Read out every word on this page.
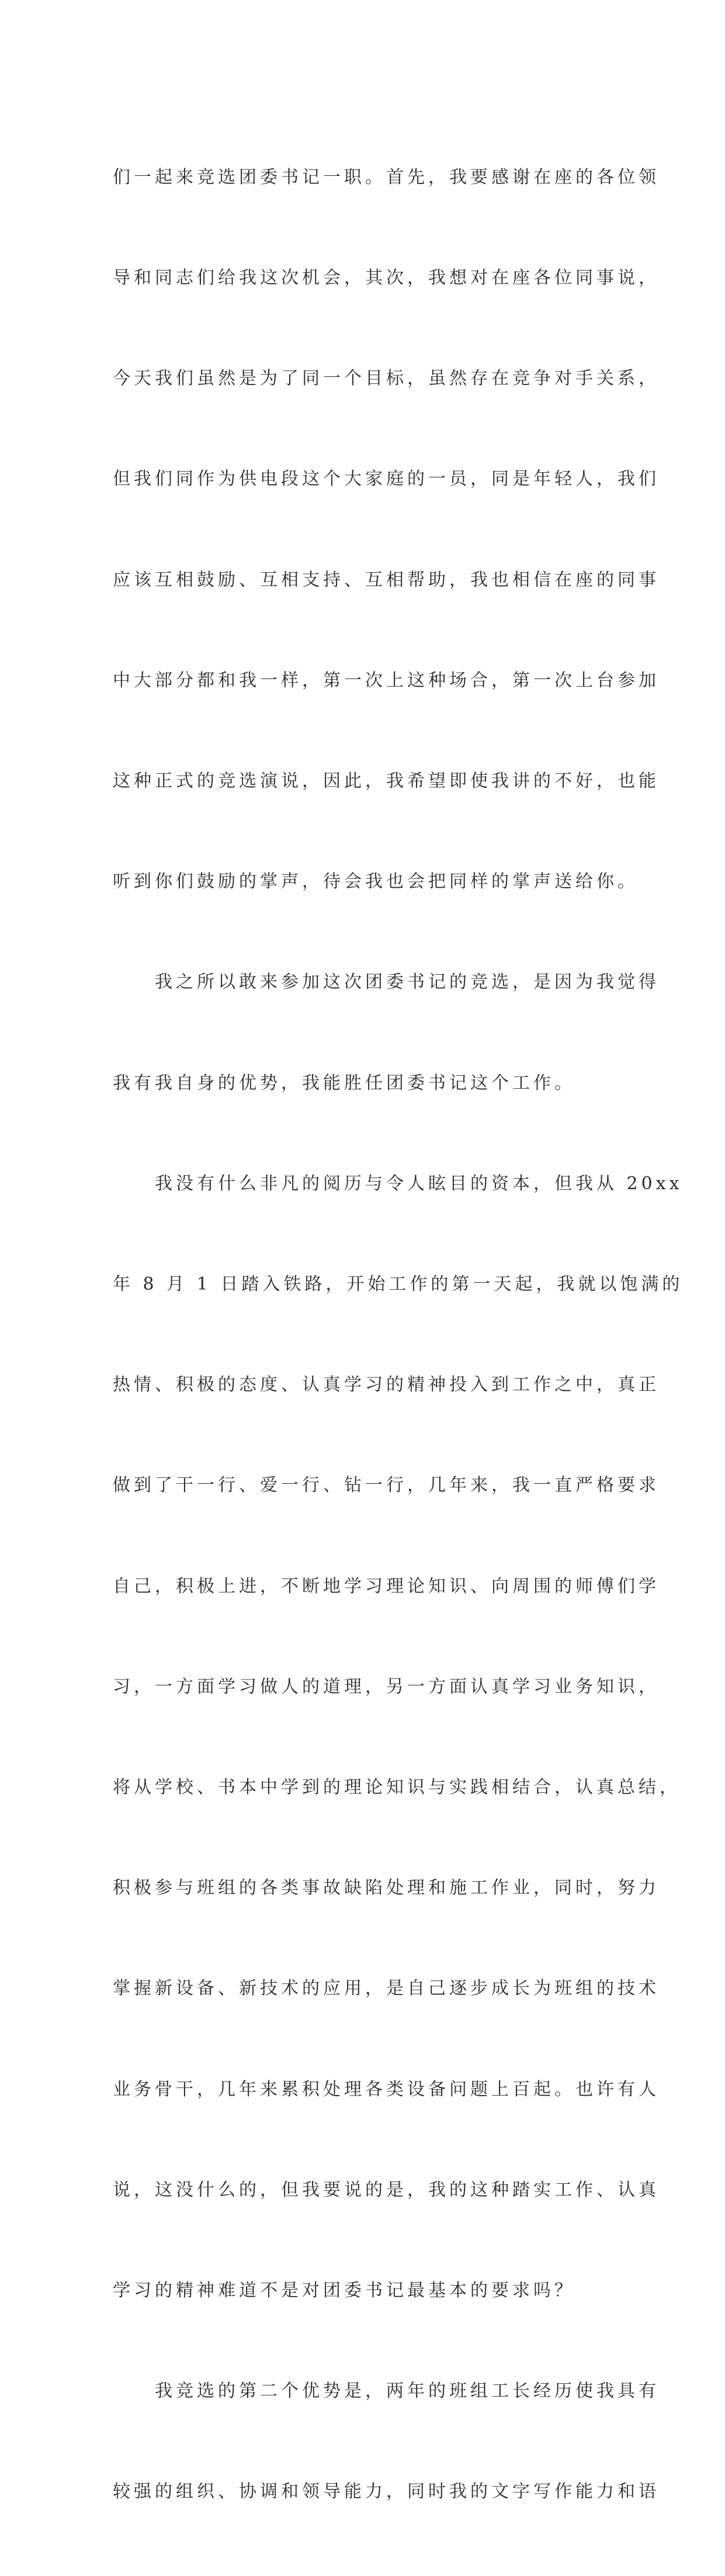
们一起来竞选团委书记一职。首先，我要感谢在座的各位领

导和同志们给我这次机会，其次，我想对在座各位同事说，

今天我们虽然是为了同一个目标，虽然存在竞争对手关系，

但我们同作为供电段这个大家庭的一员，同是年轻人，我们

应该互相鼓励、互相支持、互相帮助，我也相信在座的同事

中大部分都和我一样，第一次上这种场合，第一次上台参加

这种正式的竞选演说，因此，我希望即使我讲的不好，也能

听到你们鼓励的掌声，待会我也会把同样的掌声送给你。

　　我之所以敢来参加这次团委书记的竞选，是因为我觉得

我有我自身的优势，我能胜任团委书记这个工作。

　　我没有什么非凡的阅历与令人眩目的资本，但我从 20xx

年 8 月 1 日踏入铁路，开始工作的第一天起，我就以饱满的

热情、积极的态度、认真学习的精神投入到工作之中，真正

做到了干一行、爱一行、钻一行，几年来，我一直严格要求

自己，积极上进，不断地学习理论知识、向周围的师傅们学

习，一方面学习做人的道理，另一方面认真学习业务知识，

将从学校、书本中学到的理论知识与实践相结合，认真总结，

积极参与班组的各类事故缺陷处理和施工作业，同时，努力

掌握新设备、新技术的应用，是自己逐步成长为班组的技术

业务骨干，几年来累积处理各类设备问题上百起。也许有人

说，这没什么的，但我要说的是，我的这种踏实工作、认真

学习的精神难道不是对团委书记最基本的要求吗？

　　我竞选的第二个优势是，两年的班组工长经历使我具有

较强的组织、协调和领导能力，同时我的文字写作能力和语
